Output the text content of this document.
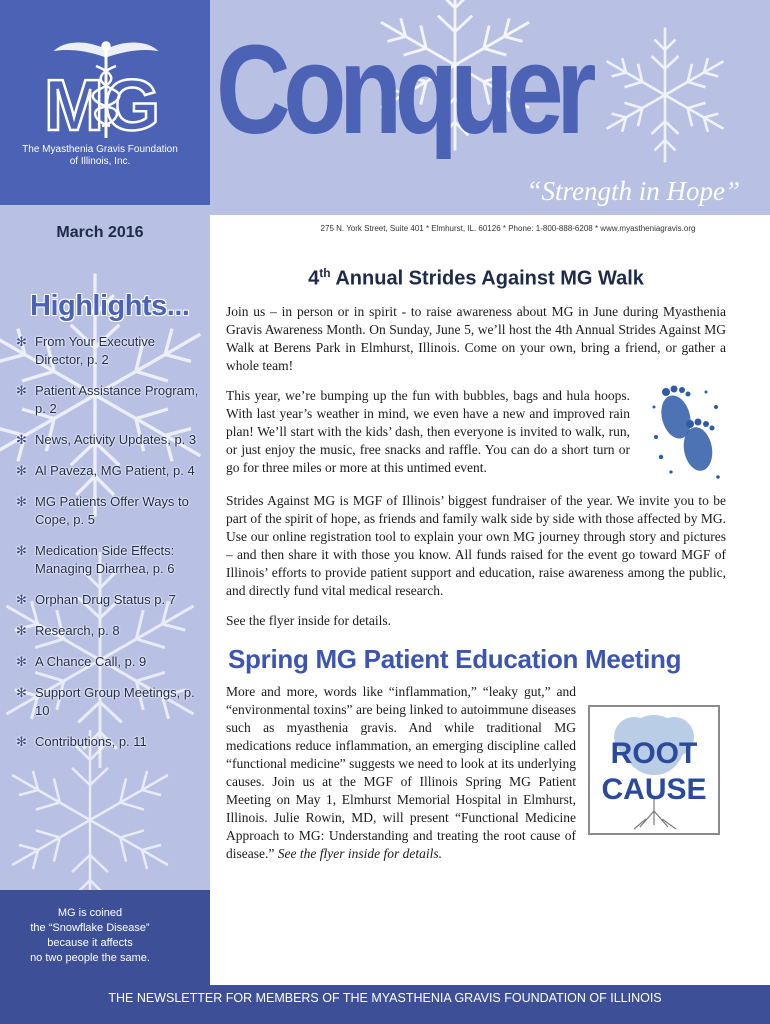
Conquer
“Strength in Hope”
MG
The Myasthenia Gravis Foundation
of Illinois, Inc.
March 2016
Highlights...
✻ From Your Executive Director, p. 2
✻ Patient Assistance Program, p. 2
✻ News, Activity Updates, p. 3
✻ Al Paveza, MG Patient, p. 4
✻ MG Patients Offer Ways to Cope, p. 5
✻ Medication Side Effects: Managing Diarrhea, p. 6
✻ Orphan Drug Status p. 7
✻ Research, p. 8
✻ A Chance Call, p. 9
✻ Support Group Meetings, p. 10
✻ Contributions, p. 11
MG is coined
the “Snowflake Disease”
because it affects
no two people the same.
275 N. York Street, Suite 401 * Elmhurst, IL. 60126 * Phone: 1-800-888-6208 * www.myastheniagravis.org
4th Annual Strides Against MG Walk

Join us – in person or in spirit - to raise awareness about MG in June during Myasthenia Gravis Awareness Month. On Sunday, June 5, we’ll host the 4th Annual Strides Against MG Walk at Berens Park in Elmhurst, Illinois. Come on your own, bring a friend, or gather a whole team!

This year, we’re bumping up the fun with bubbles, bags and hula hoops. With last year’s weather in mind, we even have a new and improved rain plan! We’ll start with the kids’ dash, then everyone is invited to walk, run, or just enjoy the music, free snacks and raffle. You can do a short turn or go for three miles or more at this untimed event.

Strides Against MG is MGF of Illinois’ biggest fundraiser of the year. We invite you to be part of the spirit of hope, as friends and family walk side by side with those affected by MG. Use our online registration tool to explain your own MG journey through story and pictures – and then share it with those you know. All funds raised for the event go toward MGF of Illinois’ efforts to provide patient support and education, raise awareness among the public, and directly fund vital medical research.

See the flyer inside for details.

Spring MG Patient Education Meeting

More and more, words like “inflammation,” “leaky gut,” and “environmental toxins” are being linked to autoimmune diseases such as myasthenia gravis. And while traditional MG medications reduce inflammation, an emerging discipline called “functional medicine” suggests we need to look at its underlying causes. Join us at the MGF of Illinois Spring MG Patient Meeting on May 1, Elmhurst Memorial Hospital in Elmhurst, Illinois. Julie Rowin, MD, will present “Functional Medicine Approach to MG: Understanding and treating the root cause of disease.” See the flyer inside for details.

ROOT
CAUSE
THE NEWSLETTER FOR MEMBERS OF THE MYASTHENIA GRAVIS FOUNDATION OF ILLINOIS
